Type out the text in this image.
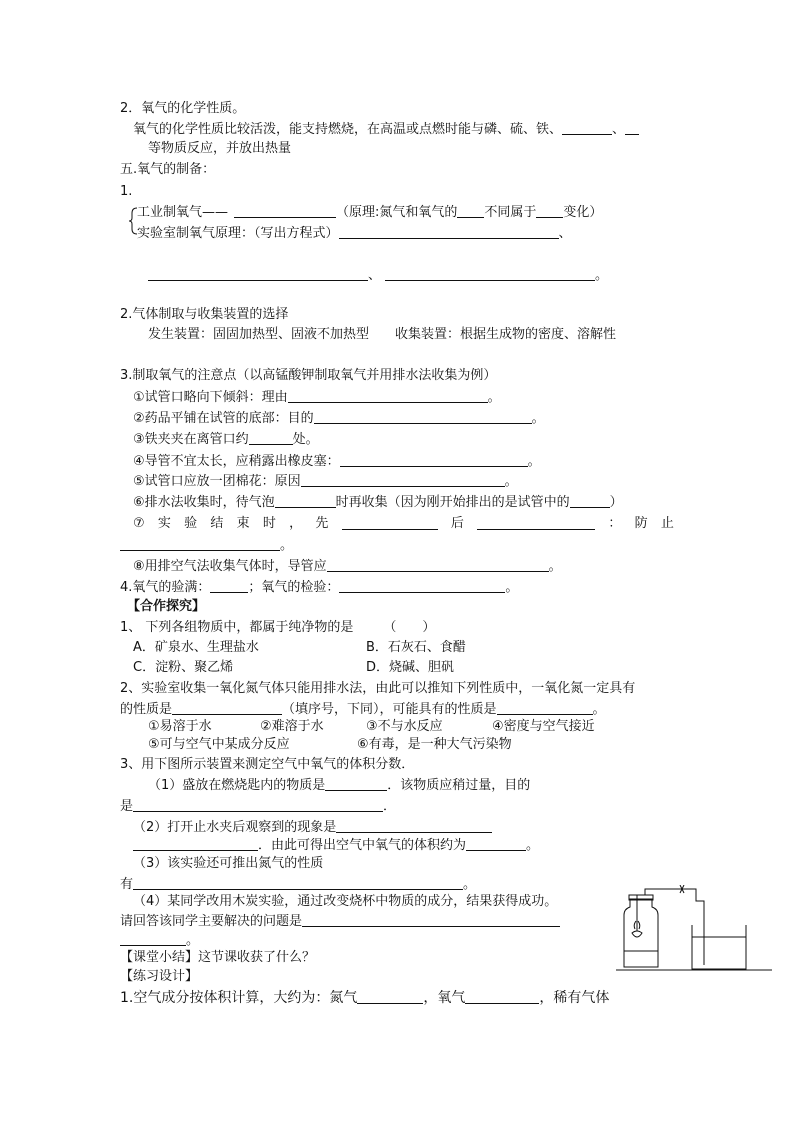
2．氧气的化学性质。
氧气的化学性质比较活泼，能支持燃烧，在高温或点燃时能与磷、硫、铁、	、
等物质反应，并放出热量
五.氧气的制备：
1.
工业制氧气——	（原理:氮气和氧气的 不同属于 变化）
实验室制氧气原理：（写出方程式）	、
、	。
2.气体制取与收集装置的选择
发生装置：固固加热型、固液不加热型　　收集装置：根据生成物的密度、溶解性
3.制取氧气的注意点（以高锰酸钾制取氧气并用排水法收集为例）
①试管口略向下倾斜：理由	。
②药品平铺在试管的底部：目的	。
③铁夹夹在离管口约	处。
④导管不宜太长，应稍露出橡皮塞：	。
⑤试管口应放一团棉花：原因	。
⑥排水法收集时，待气泡	时再收集（因为刚开始排出的是试管中的	）
⑦ 实 验 结 束 时 ， 先	后	： 防 止
。
⑧用排空气法收集气体时，导管应	。
4.氧气的验满：	；氧气的检验：	。
【合作探究】
1、 下列各组物质中，都属于纯净物的是 （　　）
A．矿泉水、生理盐水	B．石灰石、食醋
C．淀粉、聚乙烯	D．烧碱、胆矾
2、实验室收集一氧化氮气体只能用排水法，由此可以推知下列性质中，一氧化氮一定具有
的性质是	（填序号，下同），可能具有的性质是	。
①易溶于水	②难溶于水	③不与水反应	④密度与空气接近
⑤可与空气中某成分反应	⑥有毒，是一种大气污染物
3、用下图所示装置来测定空气中氧气的体积分数．
（1）盛放在燃烧匙内的物质是	．该物质应稍过量，目的
是	．
（2）打开止水夹后观察到的现象是
．由此可得出空气中氧气的体积约为	。
（3）该实验还可推出氮气的性质
有	。
（4）某同学改用木炭实验，通过改变烧杯中物质的成分，结果获得成功。
请回答该同学主要解决的问题是
。
【课堂小结】这节课收获了什么？
【练习设计】
1.空气成分按体积计算，大约为：氮气	，氧气	，稀有气体
